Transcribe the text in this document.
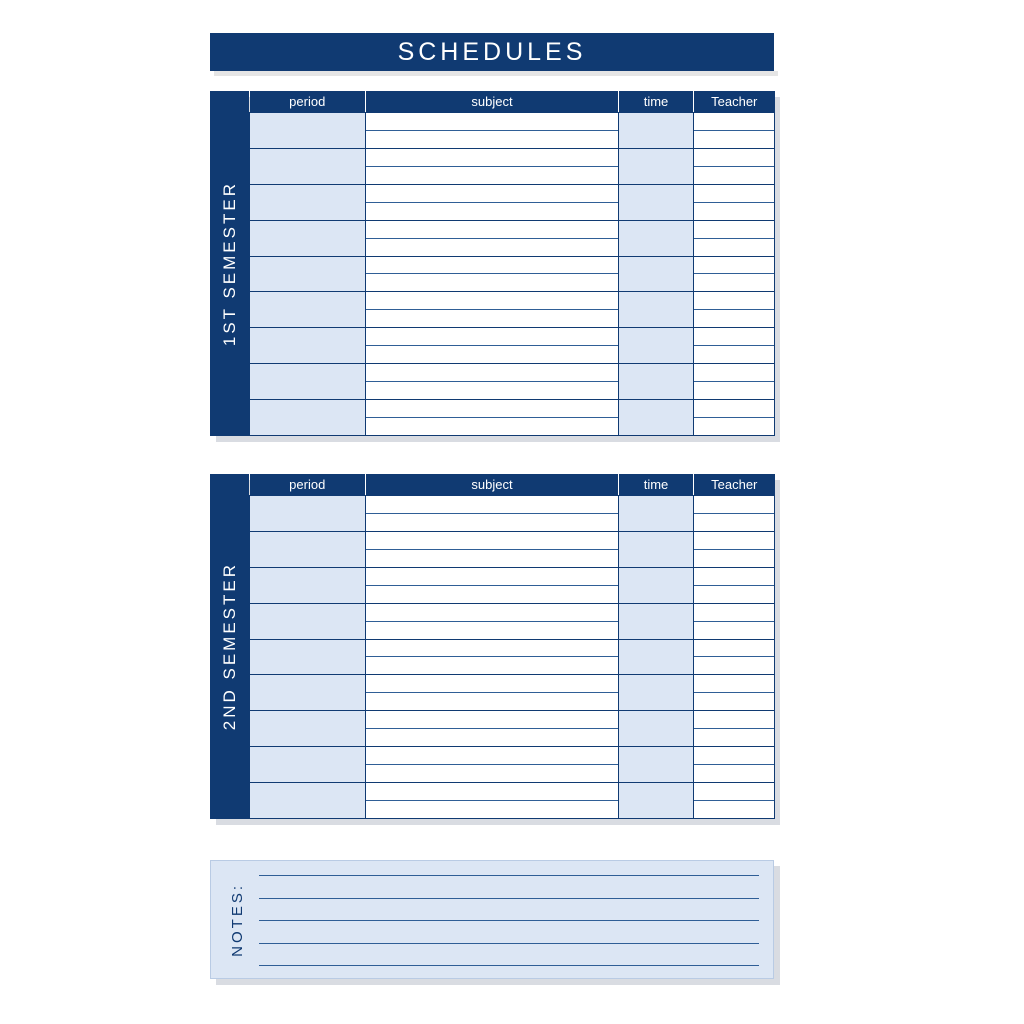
SCHEDULES
1ST SEMESTER
period	subject	time	Teacher

2ND SEMESTER
period	subject	time	Teacher

NOTES:
